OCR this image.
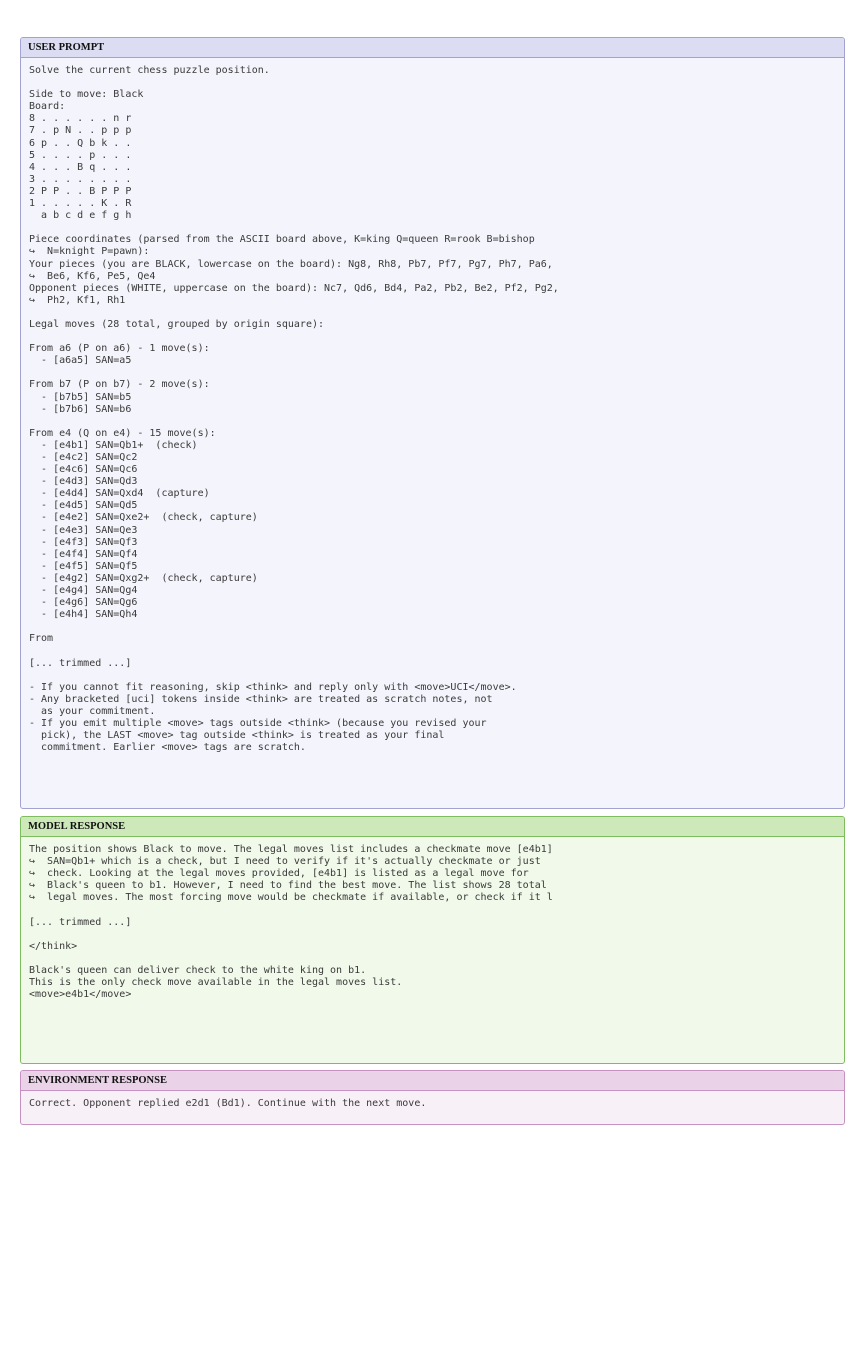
USER PROMPT
Solve the current chess puzzle position.

Side to move: Black
Board:
8 . . . . . . n r
7 . p N . . p p p
6 p . . Q b k . .
5 . . . . p . . .
4 . . . B q . . .
3 . . . . . . . .
2 P P . . B P P P
1 . . . . . K . R
a b c d e f g h

Piece coordinates (parsed from the ASCII board above, K=king Q=queen R=rook B=bishop
↪  N=knight P=pawn):
Your pieces (you are BLACK, lowercase on the board): Ng8, Rh8, Pb7, Pf7, Pg7, Ph7, Pa6,
↪  Be6, Kf6, Pe5, Qe4
Opponent pieces (WHITE, uppercase on the board): Nc7, Qd6, Bd4, Pa2, Pb2, Be2, Pf2, Pg2,
↪  Ph2, Kf1, Rh1

Legal moves (28 total, grouped by origin square):

From a6 (P on a6) - 1 move(s):
- [a6a5] SAN=a5

From b7 (P on b7) - 2 move(s):
- [b7b5] SAN=b5
- [b7b6] SAN=b6

From e4 (Q on e4) - 15 move(s):
- [e4b1] SAN=Qb1+  (check)
- [e4c2] SAN=Qc2
- [e4c6] SAN=Qc6
- [e4d3] SAN=Qd3
- [e4d4] SAN=Qxd4  (capture)
- [e4d5] SAN=Qd5
- [e4e2] SAN=Qxe2+  (check, capture)
- [e4e3] SAN=Qe3
- [e4f3] SAN=Qf3
- [e4f4] SAN=Qf4
- [e4f5] SAN=Qf5
- [e4g2] SAN=Qxg2+  (check, capture)
- [e4g4] SAN=Qg4
- [e4g6] SAN=Qg6
- [e4h4] SAN=Qh4

From

[... trimmed ...]

- If you cannot fit reasoning, skip <think> and reply only with <move>UCI</move>.
- Any bracketed [uci] tokens inside <think> are treated as scratch notes, not
as your commitment.
- If you emit multiple <move> tags outside <think> (because you revised your
pick), the LAST <move> tag outside <think> is treated as your final
commitment. Earlier <move> tags are scratch.
MODEL RESPONSE
The position shows Black to move. The legal moves list includes a checkmate move [e4b1]
↪  SAN=Qb1+ which is a check, but I need to verify if it's actually checkmate or just
↪  check. Looking at the legal moves provided, [e4b1] is listed as a legal move for
↪  Black's queen to b1. However, I need to find the best move. The list shows 28 total
↪  legal moves. The most forcing move would be checkmate if available, or check if it l

[... trimmed ...]

</think>

Black's queen can deliver check to the white king on b1.
This is the only check move available in the legal moves list.
<move>e4b1</move>
ENVIRONMENT RESPONSE
Correct. Opponent replied e2d1 (Bd1). Continue with the next move.
